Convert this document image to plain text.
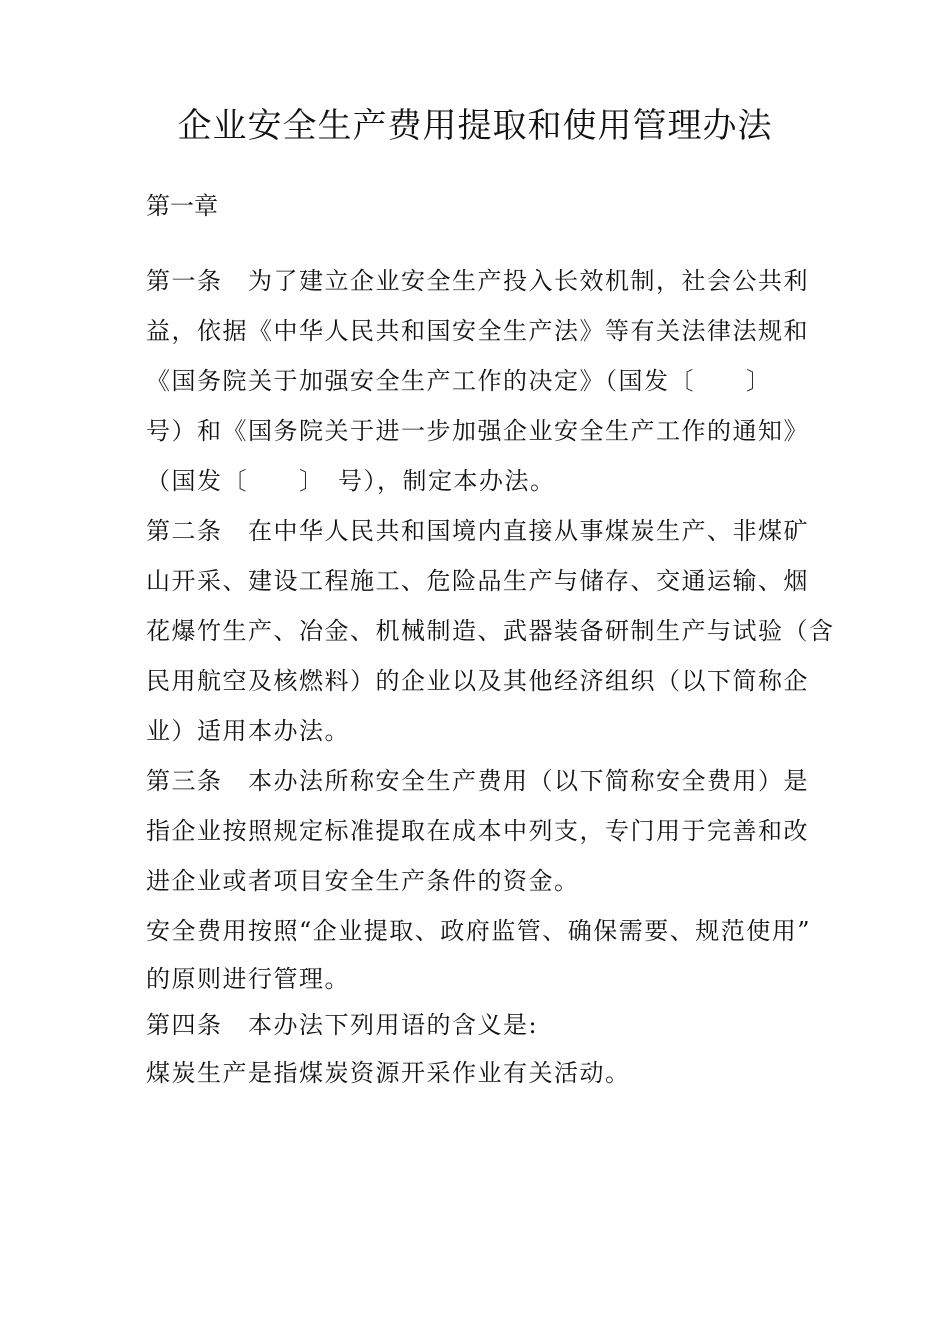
企业安全生产费用提取和使用管理办法

第一章

第一条　为了建立企业安全生产投入长效机制，社会公共利

益，依据《中华人民共和国安全生产法》等有关法律法规和

《国务院关于加强安全生产工作的决定》（国发〔　　〕

号）和《国务院关于进一步加强企业安全生产工作的通知》

（国发〔　　〕　号），制定本办法。

第二条　在中华人民共和国境内直接从事煤炭生产、非煤矿

山开采、建设工程施工、危险品生产与储存、交通运输、烟

花爆竹生产、冶金、机械制造、武器装备研制生产与试验（含

民用航空及核燃料）的企业以及其他经济组织（以下简称企

业）适用本办法。

第三条　本办法所称安全生产费用（以下简称安全费用）是

指企业按照规定标准提取在成本中列支，专门用于完善和改

进企业或者项目安全生产条件的资金。

安全费用按照“企业提取、政府监管、确保需要、规范使用”

的原则进行管理。

第四条　本办法下列用语的含义是:

煤炭生产是指煤炭资源开采作业有关活动。
